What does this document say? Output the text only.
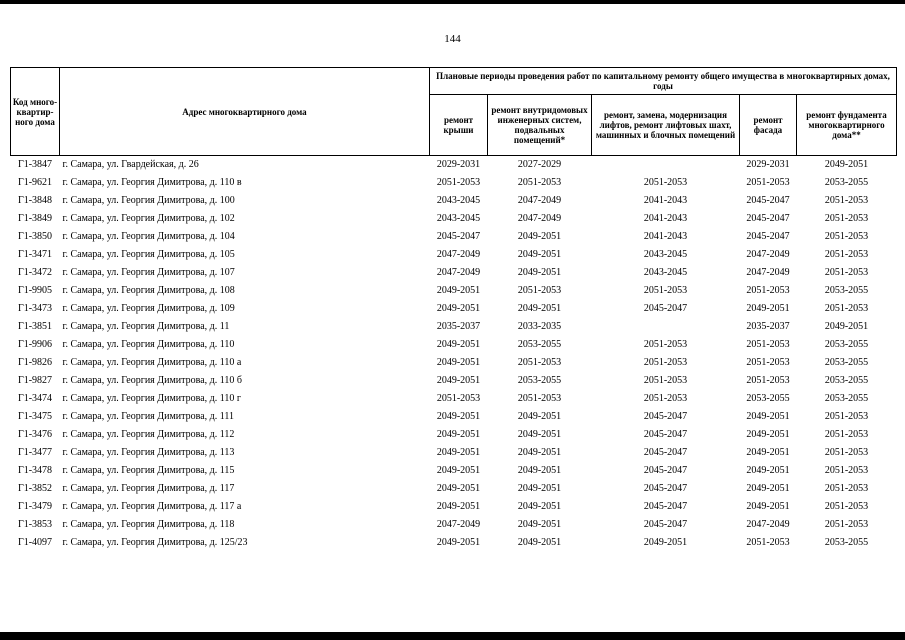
144
Код много-квартир-ного дома	Адрес многоквартирного дома	Плановые периоды проведения работ по капитальному ремонту общего имущества в многоквартирных домах, годы				
		ремонт крыши	ремонт внутридомовых инженерных систем, подвальных помещений*	ремонт, замена, модернизация лифтов, ремонт лифтовых шахт, машинных и блочных помещений	ремонт фасада	ремонт фундамента многоквартирного дома**
Г1-3847	г. Самара, ул. Гвардейская, д. 26	2029-2031	2027-2029		2029-2031	2049-2051
Г1-9621	г. Самара, ул. Георгия Димитрова, д. 110 в	2051-2053	2051-2053	2051-2053	2051-2053	2053-2055
Г1-3848	г. Самара, ул. Георгия Димитрова, д. 100	2043-2045	2047-2049	2041-2043	2045-2047	2051-2053
Г1-3849	г. Самара, ул. Георгия Димитрова, д. 102	2043-2045	2047-2049	2041-2043	2045-2047	2051-2053
Г1-3850	г. Самара, ул. Георгия Димитрова, д. 104	2045-2047	2049-2051	2041-2043	2045-2047	2051-2053
Г1-3471	г. Самара, ул. Георгия Димитрова, д. 105	2047-2049	2049-2051	2043-2045	2047-2049	2051-2053
Г1-3472	г. Самара, ул. Георгия Димитрова, д. 107	2047-2049	2049-2051	2043-2045	2047-2049	2051-2053
Г1-9905	г. Самара, ул. Георгия Димитрова, д. 108	2049-2051	2051-2053	2051-2053	2051-2053	2053-2055
Г1-3473	г. Самара, ул. Георгия Димитрова, д. 109	2049-2051	2049-2051	2045-2047	2049-2051	2051-2053
Г1-3851	г. Самара, ул. Георгия Димитрова, д. 11	2035-2037	2033-2035		2035-2037	2049-2051
Г1-9906	г. Самара, ул. Георгия Димитрова, д. 110	2049-2051	2053-2055	2051-2053	2051-2053	2053-2055
Г1-9826	г. Самара, ул. Георгия Димитрова, д. 110 а	2049-2051	2051-2053	2051-2053	2051-2053	2053-2055
Г1-9827	г. Самара, ул. Георгия Димитрова, д. 110 б	2049-2051	2053-2055	2051-2053	2051-2053	2053-2055
Г1-3474	г. Самара, ул. Георгия Димитрова, д. 110 г	2051-2053	2051-2053	2051-2053	2053-2055	2053-2055
Г1-3475	г. Самара, ул. Георгия Димитрова, д. 111	2049-2051	2049-2051	2045-2047	2049-2051	2051-2053
Г1-3476	г. Самара, ул. Георгия Димитрова, д. 112	2049-2051	2049-2051	2045-2047	2049-2051	2051-2053
Г1-3477	г. Самара, ул. Георгия Димитрова, д. 113	2049-2051	2049-2051	2045-2047	2049-2051	2051-2053
Г1-3478	г. Самара, ул. Георгия Димитрова, д. 115	2049-2051	2049-2051	2045-2047	2049-2051	2051-2053
Г1-3852	г. Самара, ул. Георгия Димитрова, д. 117	2049-2051	2049-2051	2045-2047	2049-2051	2051-2053
Г1-3479	г. Самара, ул. Георгия Димитрова, д. 117 а	2049-2051	2049-2051	2045-2047	2049-2051	2051-2053
Г1-3853	г. Самара, ул. Георгия Димитрова, д. 118	2047-2049	2049-2051	2045-2047	2047-2049	2051-2053
Г1-4097	г. Самара, ул. Георгия Димитрова, д. 125/23	2049-2051	2049-2051	2049-2051	2051-2053	2053-2055
